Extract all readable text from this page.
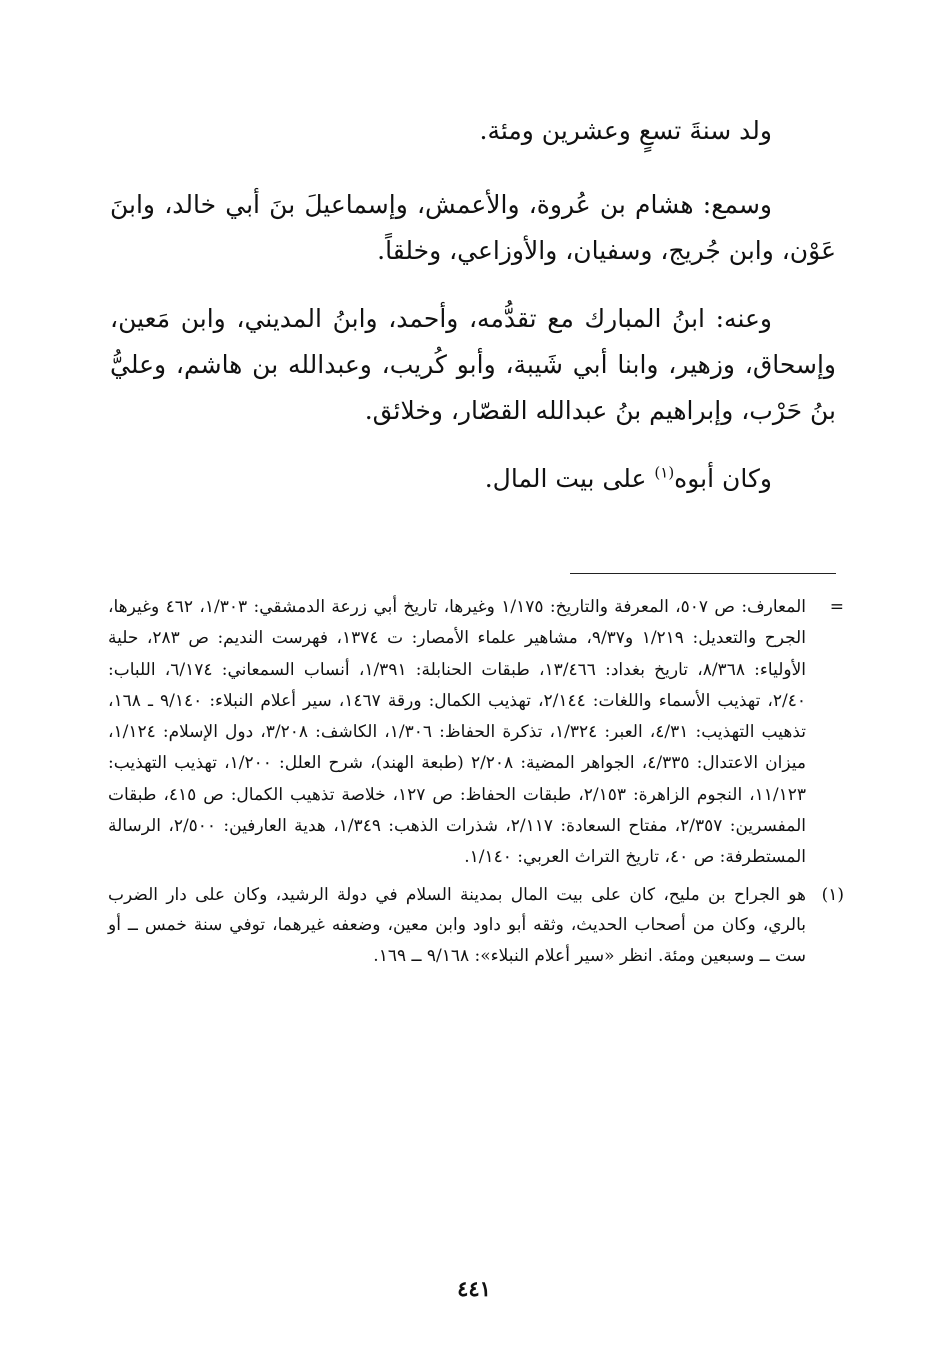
ولد سنةَ تسعٍ وعشرين ومئة.

وسمع: هشام بن عُروة، والأعمش، وإسماعيلَ بنَ أبي خالد، وابنَ عَوْن، وابن جُريج، وسفيان، والأوزاعي، وخلقاً.

وعنه: ابنُ المبارك مع تقدُّمه، وأحمد، وابنُ المديني، وابن مَعين، وإسحاق، وزهير، وابنا أبي شَيبة، وأبو كُريب، وعبدالله بن هاشم، وعليُّ بنُ حَرْب، وإبراهيم بنُ عبدالله القصّار، وخلائق.

وكان أبوه$^{(١)}$ على بيت المال.

=
المعارف: ص ٥٠٧، المعرفة والتاريخ: ١/١٧٥ وغيرها، تاريخ أبي زرعة الدمشقي: ١/٣٠٣، ٤٦٢ وغيرها، الجرح والتعديل: ١/٢١٩ و٩/٣٧، مشاهير علماء الأمصار: ت ١٣٧٤، فهرست النديم: ص ٢٨٣، حلية الأولياء: ٨/٣٦٨، تاريخ بغداد: ١٣/٤٦٦، طبقات الحنابلة: ١/٣٩١، أنساب السمعاني: ٦/١٧٤، اللباب: ٢/٤٠، تهذيب الأسماء واللغات: ٢/١٤٤، تهذيب الكمال: ورقة ١٤٦٧، سير أعلام النبلاء: ٩/١٤٠ ـ ١٦٨، تذهيب التهذيب: ٤/٣١، العبر: ١/٣٢٤، تذكرة الحفاظ: ١/٣٠٦، الكاشف: ٣/٢٠٨، دول الإسلام: ١/١٢٤، ميزان الاعتدال: ٤/٣٣٥، الجواهر المضية: ٢/٢٠٨ (طبعة الهند)، شرح العلل: ١/٢٠٠، تهذيب التهذيب: ١١/١٢٣، النجوم الزاهرة: ٢/١٥٣، طبقات الحفاظ: ص ١٢٧، خلاصة تذهيب الكمال: ص ٤١٥، طبقات المفسرين: ٢/٣٥٧، مفتاح السعادة: ٢/١١٧، شذرات الذهب: ١/٣٤٩، هدية العارفين: ٢/٥٠٠، الرسالة المستطرفة: ص ٤٠، تاريخ التراث العربي: ١/١٤٠.

(١)
هو الجراح بن مليح، كان على بيت المال بمدينة السلام في دولة الرشيد، وكان على دار الضرب بالري، وكان من أصحاب الحديث، وثقه أبو داود وابن معين، وضعفه غيرهما، توفي سنة خمس ــ أو ست ــ وسبعين ومئة. انظر «سير أعلام النبلاء»: ٩/١٦٨ ــ ١٦٩.

٤٤١
